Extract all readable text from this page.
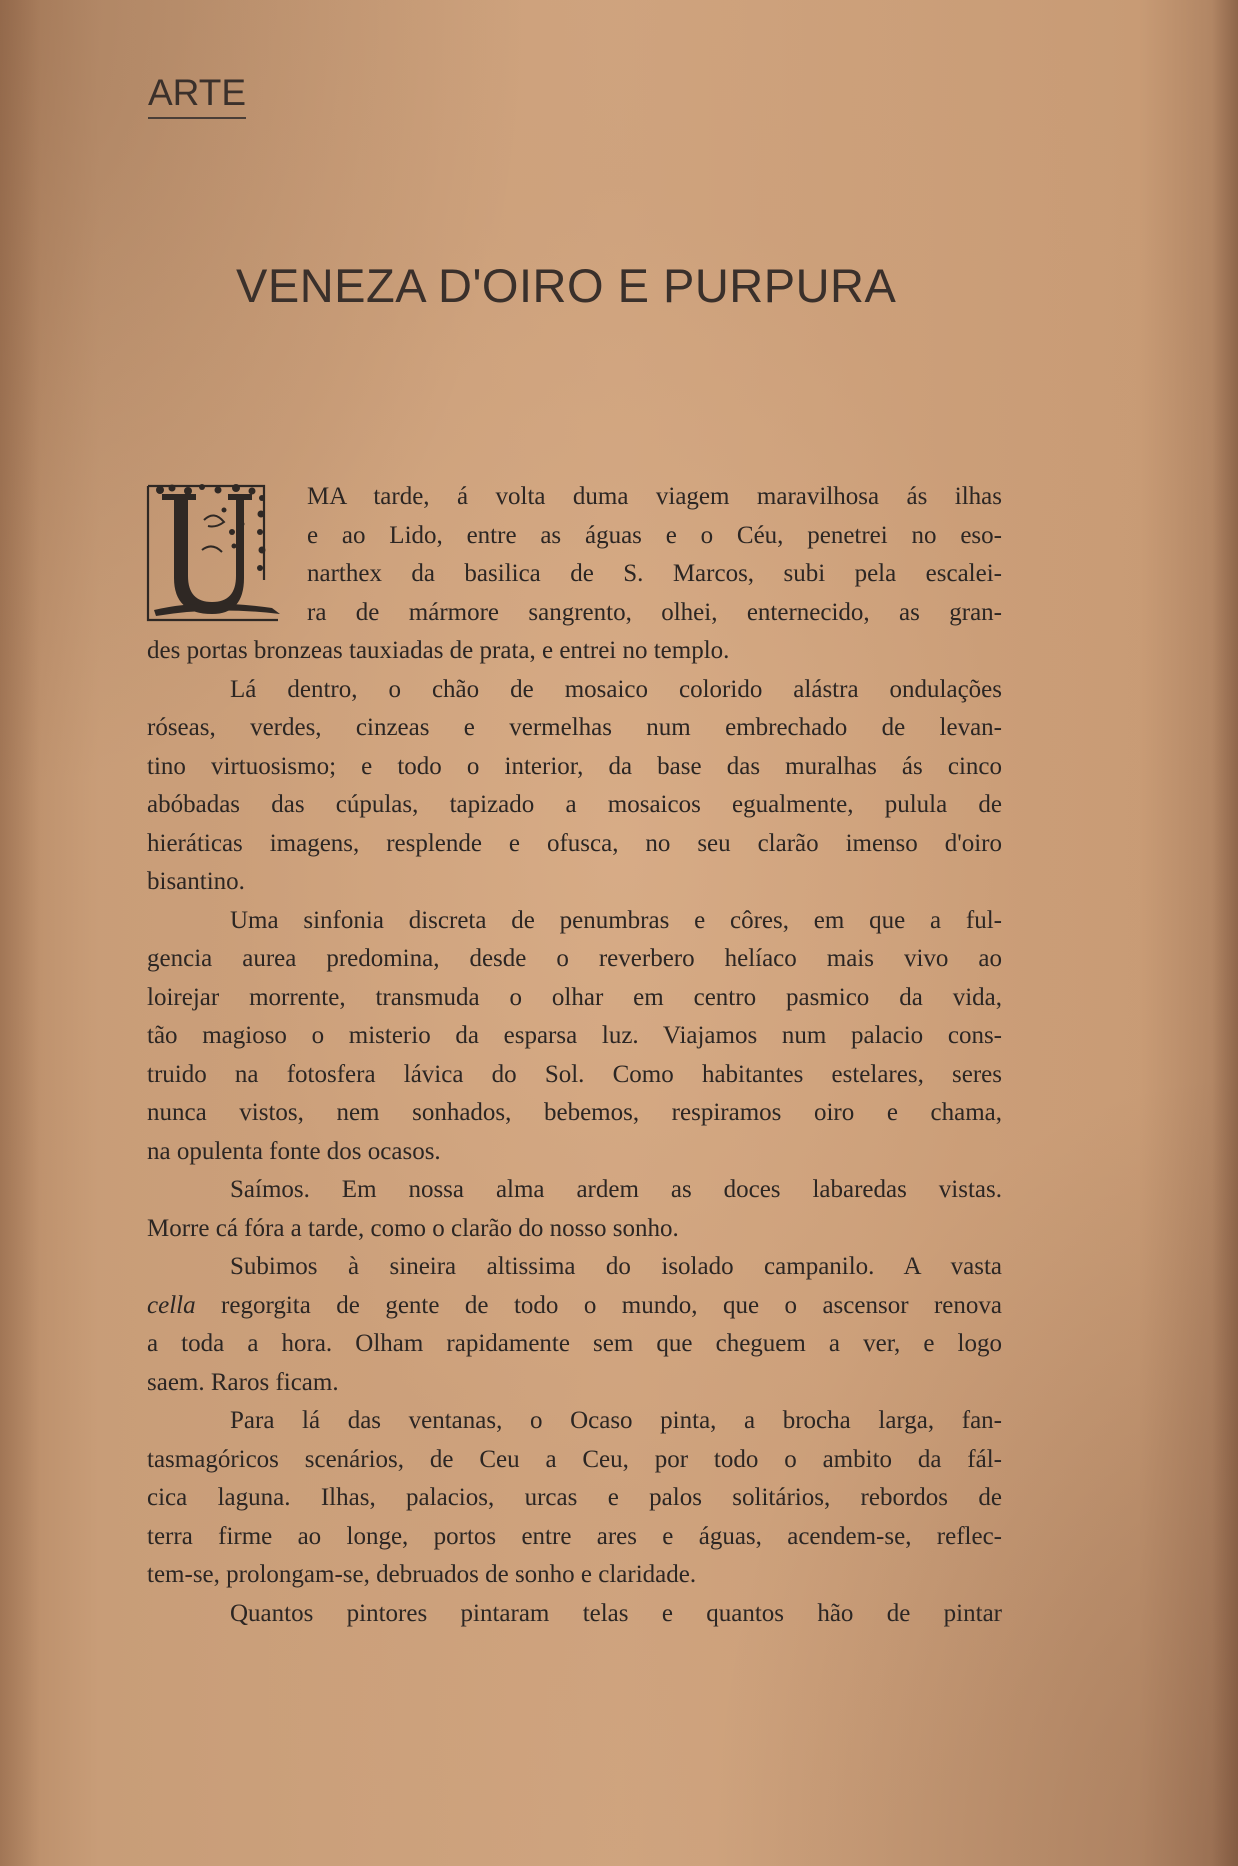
ARTE
VENEZA D'OIRO E PURPURA
MA tarde, á volta duma viagem maravilhosa ás ilhas
e ao Lido, entre as águas e o Céu, penetrei no eso-
narthex da basilica de S. Marcos, subi pela escalei-
ra de mármore sangrento, olhei, enternecido, as gran-
des portas bronzeas tauxiadas de prata, e entrei no templo.
Lá dentro, o chão de mosaico colorido alástra ondulações
róseas, verdes, cinzeas e vermelhas num embrechado de levan-
tino virtuosismo; e todo o interior, da base das muralhas ás cinco
abóbadas das cúpulas, tapizado a mosaicos egualmente, pulula de
hieráticas imagens, resplende e ofusca, no seu clarão imenso d'oiro
bisantino.
Uma sinfonia discreta de penumbras e côres, em que a ful-
gencia aurea predomina, desde o reverbero helíaco mais vivo ao
loirejar morrente, transmuda o olhar em centro pasmico da vida,
tão magioso o misterio da esparsa luz. Viajamos num palacio cons-
truido na fotosfera lávica do Sol. Como habitantes estelares, seres
nunca vistos, nem sonhados, bebemos, respiramos oiro e chama,
na opulenta fonte dos ocasos.
Saímos. Em nossa alma ardem as doces labaredas vistas.
Morre cá fóra a tarde, como o clarão do nosso sonho.
Subimos à sineira altissima do isolado campanilo. A vasta
cella regorgita de gente de todo o mundo, que o ascensor renova
a toda a hora. Olham rapidamente sem que cheguem a ver, e logo
saem. Raros ficam.
Para lá das ventanas, o Ocaso pinta, a brocha larga, fan-
tasmagóricos scenários, de Ceu a Ceu, por todo o ambito da fál-
cica laguna. Ilhas, palacios, urcas e palos solitários, rebordos de
terra firme ao longe, portos entre ares e águas, acendem-se, reflec-
tem-se, prolongam-se, debruados de sonho e claridade.
Quantos pintores pintaram telas e quantos hão de pintar
